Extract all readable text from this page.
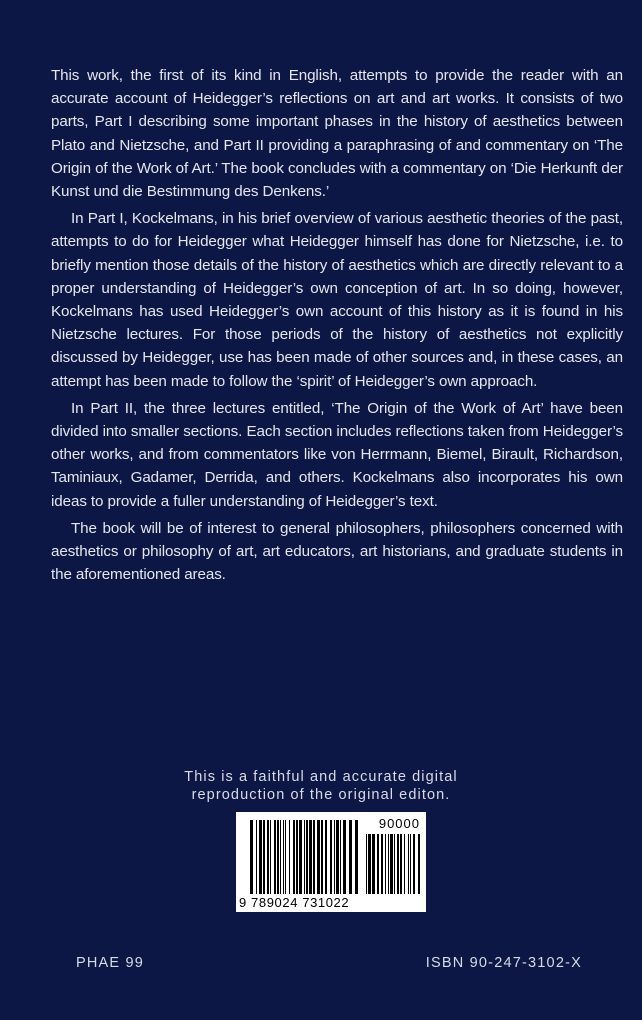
This work, the first of its kind in English, attempts to provide the reader with an accurate account of Heidegger’s reflections on art and art works. It consists of two parts, Part I describing some important phases in the history of aesthetics between Plato and Nietzsche, and Part II providing a paraphrasing of and commentary on ‘The Origin of the Work of Art.’ The book concludes with a commentary on ‘Die Herkunft der Kunst und die Bestimmung des Denkens.’

In Part I, Kockelmans, in his brief overview of various aesthetic theories of the past, attempts to do for Heidegger what Heidegger himself has done for Nietzsche, i.e. to briefly mention those details of the history of aesthetics which are directly relevant to a proper understanding of Heidegger’s own conception of art. In so doing, however, Kockelmans has used Heidegger’s own account of this history as it is found in his Nietzsche lectures. For those periods of the history of aesthetics not explicitly discussed by Heidegger, use has been made of other sources and, in these cases, an attempt has been made to follow the ‘spirit’ of Heidegger’s own approach.

In Part II, the three lectures entitled, ‘The Origin of the Work of Art’ have been divided into smaller sections. Each section includes reflections taken from Heidegger’s other works, and from commentators like von Herrmann, Biemel, Birault, Richardson, Taminiaux, Gadamer, Derrida, and others. Kockelmans also incorporates his own ideas to provide a fuller understanding of Heidegger’s text.

The book will be of interest to general philosophers, philosophers concerned with aesthetics or philosophy of art, art educators, art historians, and graduate students in the aforementioned areas.

This is a faithful and accurate digital
reproduction of the original editon.
90000
9 789024 731022
PHAE 99	ISBN 90-247-3102-X
